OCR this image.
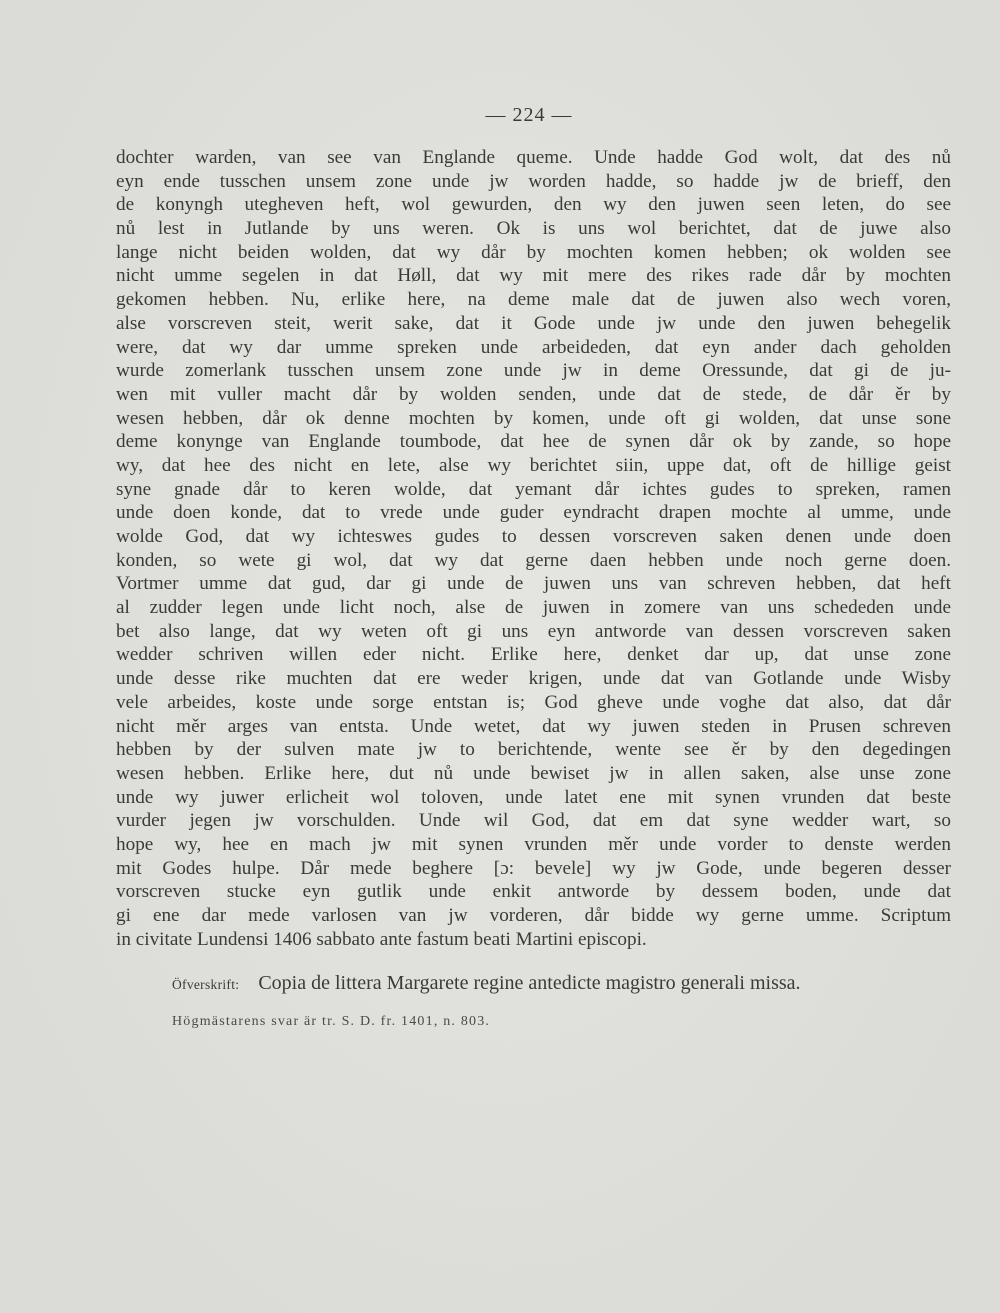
— 224 —
dochter warden, van see van Englande queme. Unde hadde God wolt, dat des nů
eyn ende tusschen unsem zone unde jw worden hadde, so hadde jw de brieff, den
de konyngh utegheven heft, wol gewurden, den wy den juwen seen leten, do see
nů lest in Jutlande by uns weren. Ok is uns wol berichtet, dat de juwe also
lange nicht beiden wolden, dat wy dår by mochten komen hebben; ok wolden see
nicht umme segelen in dat Høll, dat wy mit mere des rikes rade dår by mochten
gekomen hebben. Nu, erlike here, na deme male dat de juwen also wech voren,
alse vorscreven steit, werit sake, dat it Gode unde jw unde den juwen behegelik
were, dat wy dar umme spreken unde arbeideden, dat eyn ander dach geholden
wurde zomerlank tusschen unsem zone unde jw in deme Oressunde, dat gi de ju-
wen mit vuller macht dår by wolden senden, unde dat de stede, de dår ěr by
wesen hebben, dår ok denne mochten by komen, unde oft gi wolden, dat unse sone
deme konynge van Englande toumbode, dat hee de synen dår ok by zande, so hope
wy, dat hee des nicht en lete, alse wy berichtet siin, uppe dat, oft de hillige geist
syne gnade dår to keren wolde, dat yemant dår ichtes gudes to spreken, ramen
unde doen konde, dat to vrede unde guder eyndracht drapen mochte al umme, unde
wolde God, dat wy ichteswes gudes to dessen vorscreven saken denen unde doen
konden, so wete gi wol, dat wy dat gerne daen hebben unde noch gerne doen.
Vortmer umme dat gud, dar gi unde de juwen uns van schreven hebben, dat heft
al zudder legen unde licht noch, alse de juwen in zomere van uns schededen unde
bet also lange, dat wy weten oft gi uns eyn antworde van dessen vorscreven saken
wedder schriven willen eder nicht. Erlike here, denket dar up, dat unse zone
unde desse rike muchten dat ere weder krigen, unde dat van Gotlande unde Wisby
vele arbeides, koste unde sorge entstan is; God gheve unde voghe dat also, dat dår
nicht měr arges van entsta. Unde wetet, dat wy juwen steden in Prusen schreven
hebben by der sulven mate jw to berichtende, wente see ěr by den degedingen
wesen hebben. Erlike here, dut nů unde bewiset jw in allen saken, alse unse zone
unde wy juwer erlicheit wol toloven, unde latet ene mit synen vrunden dat beste
vurder jegen jw vorschulden. Unde wil God, dat em dat syne wedder wart, so
hope wy, hee en mach jw mit synen vrunden měr unde vorder to denste werden
mit Godes hulpe. Dår mede beghere [ɔ: bevele] wy jw Gode, unde begeren desser
vorscreven stucke eyn gutlik unde enkit antworde by dessem boden, unde dat
gi ene dar mede varlosen van jw vorderen, dår bidde wy gerne umme. Scriptum
in civitate Lundensi 1406 sabbato ante fastum beati Martini episcopi.
Öfverskrift: Copia de littera Margarete regine antedicte magistro generali missa.
Högmästarens svar är tr. S. D. fr. 1401, n. 803.
